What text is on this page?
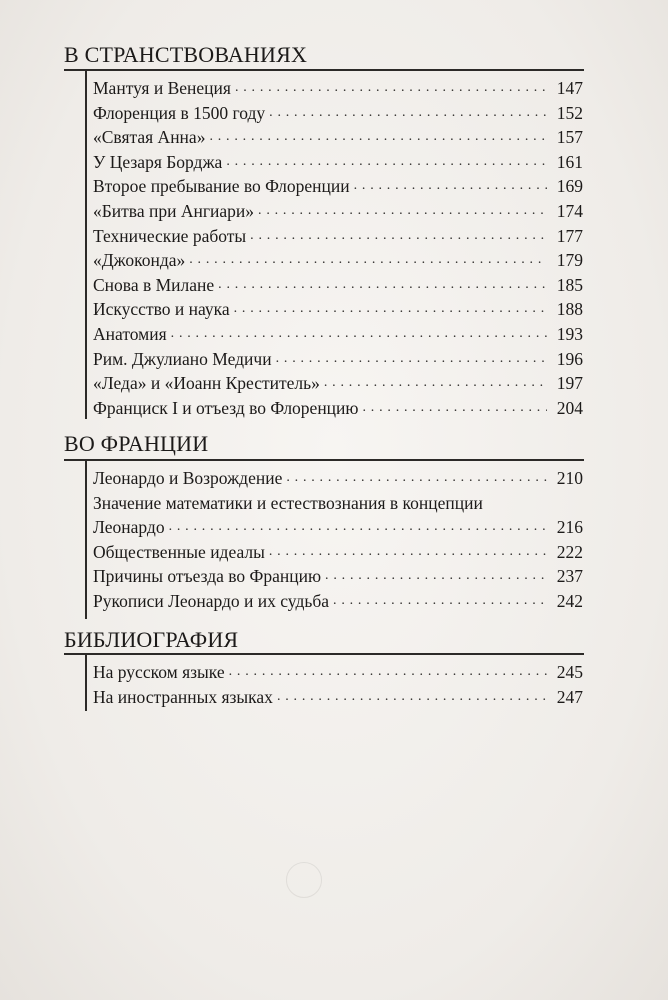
В СТРАНСТВОВАНИЯХ
Мантуя и Венеция . . .	147
Флоренция в 1500 году . . .	152
«Святая Анна» . . .	157
У Цезаря Борджа . . .	161
Второе пребывание во Флоренции . . .	169
«Битва при Ангиари» . . .	174
Технические работы . . .	177
«Джоконда» . . .	179
Снова в Милане . . .	185
Искусство и наука . . .	188
Анатомия . . .	193
Рим. Джулиано Медичи . . .	196
«Леда» и «Иоанн Креститель» . . .	197
Франциск I и отъезд во Флоренцию . . .	204
ВО ФРАНЦИИ
Леонардо и Возрождение . . .	210
Значение математики и естествознания в концепции
Леонардо . . .	216
Общественные идеалы . . .	222
Причины отъезда во Францию . . .	237
Рукописи Леонардо и их судьба . . .	242
БИБЛИОГРАФИЯ
На русском языке . . .	245
На иностранных языках . . .	247
